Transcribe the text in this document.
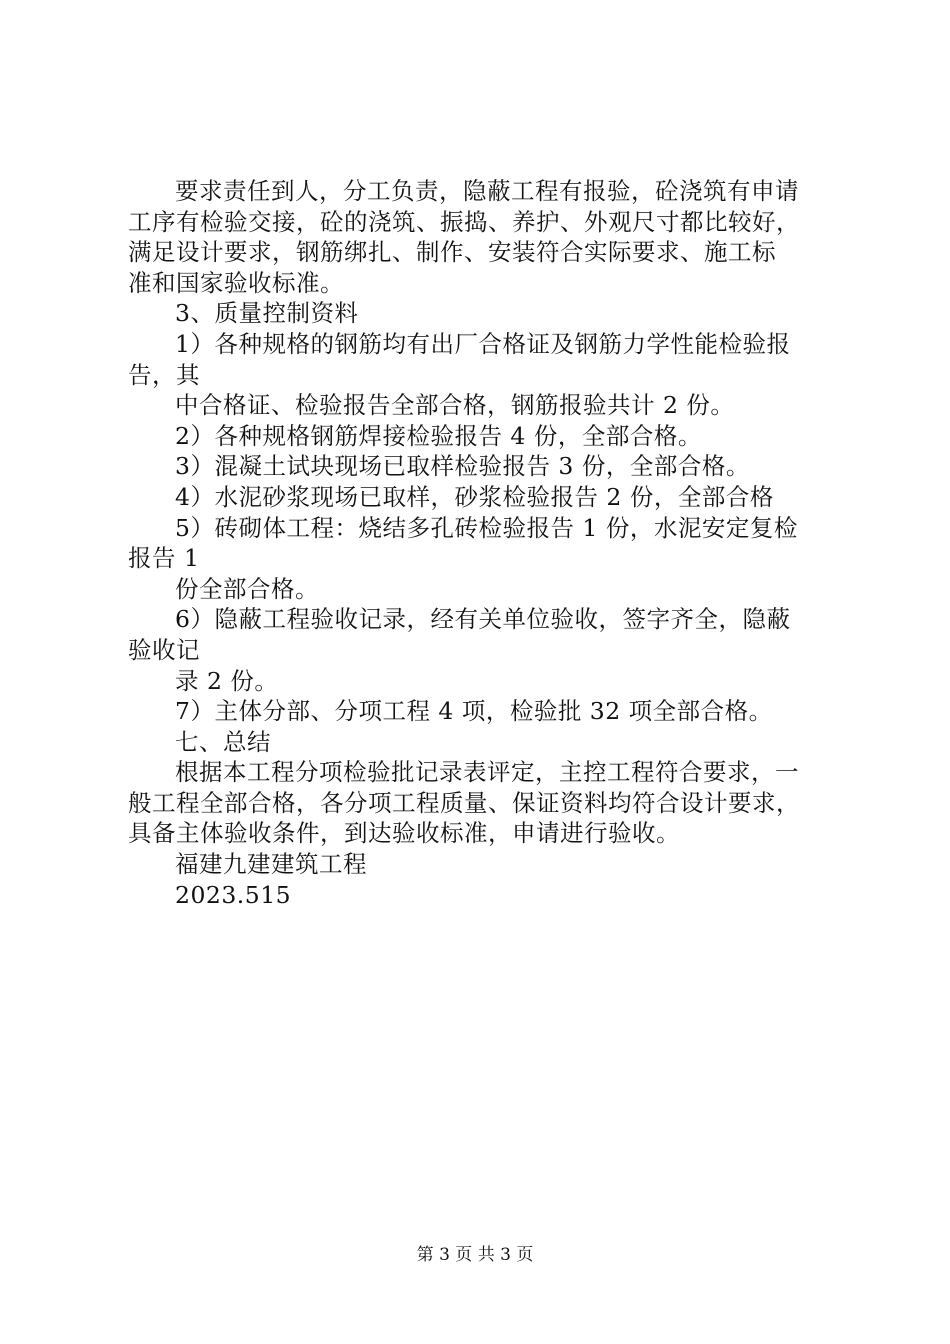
要求责任到人，分工负责，隐蔽工程有报验，砼浇筑有申请
工序有检验交接，砼的浇筑、振捣、养护、外观尺寸都比较好，
满足设计要求，钢筋绑扎、制作、安装符合实际要求、施工标
准和国家验收标准。
3、质量控制资料
1）各种规格的钢筋均有出厂合格证及钢筋力学性能检验报
告，其
中合格证、检验报告全部合格，钢筋报验共计 2 份。
2）各种规格钢筋焊接检验报告 4 份，全部合格。
3）混凝土试块现场已取样检验报告 3 份，全部合格。
4）水泥砂浆现场已取样，砂浆检验报告 2 份，全部合格
5）砖砌体工程：烧结多孔砖检验报告 1 份，水泥安定复检
报告 1
份全部合格。
6）隐蔽工程验收记录，经有关单位验收，签字齐全，隐蔽
验收记
录 2 份。
7）主体分部、分项工程 4 项，检验批 32 项全部合格。
七、总结
根据本工程分项检验批记录表评定，主控工程符合要求，一
般工程全部合格，各分项工程质量、保证资料均符合设计要求，
具备主体验收条件，到达验收标准，申请进行验收。
福建九建建筑工程
2023.515
第 3 页 共 3 页
